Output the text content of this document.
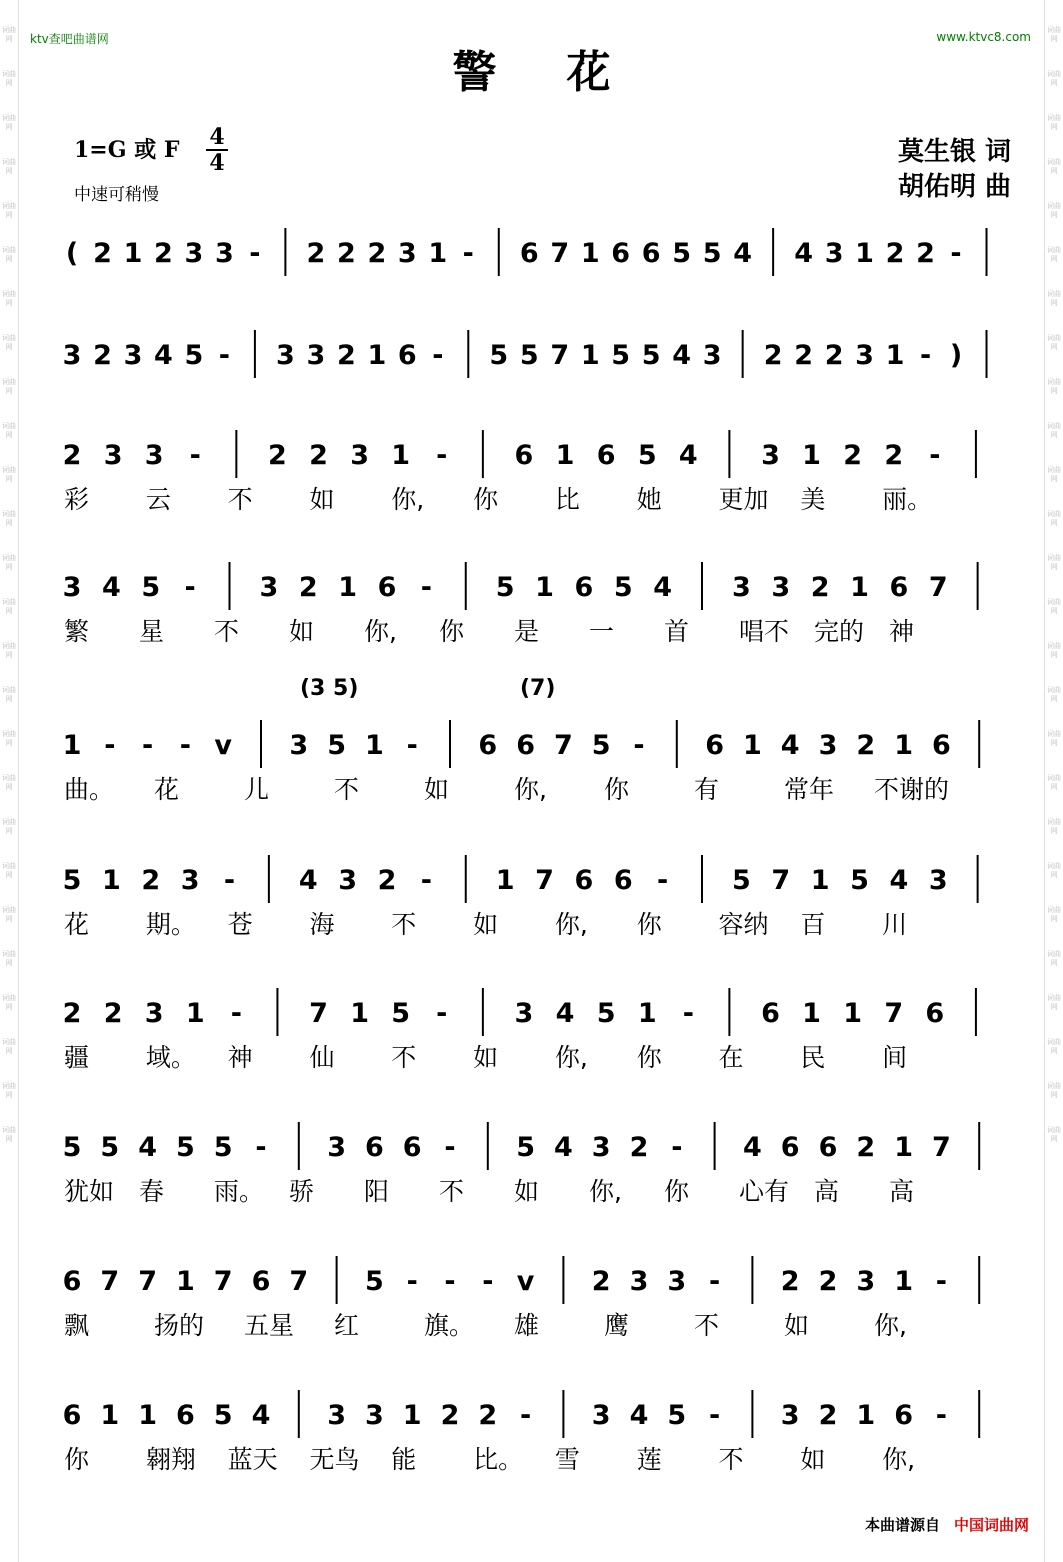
词曲网
词曲网
词曲网
词曲网
词曲网
词曲网
词曲网
词曲网
词曲网
词曲网
词曲网
词曲网
词曲网
词曲网
词曲网
词曲网
词曲网
词曲网
词曲网
词曲网
词曲网
词曲网
词曲网
词曲网
词曲网
词曲网
词曲网
词曲网
词曲网
词曲网
词曲网
词曲网
词曲网
词曲网
词曲网
词曲网
词曲网
词曲网
词曲网
词曲网
词曲网
词曲网
词曲网
词曲网
词曲网
词曲网
词曲网
词曲网
词曲网
词曲网
词曲网
词曲网
ktv查吧曲谱网	www.ktvc8.com
警花
1=G 或 F 4
4
中速可稍慢
莫生银 词
胡佑明 曲
( 2 1 2 3 3 - 2 2 2 3 1 - 6 7 1 6 6 5 5 4 4 3 1 2 2 -
3 2 3 4 5 - 3 3 2 1 6 - 5 5 7 1 5 5 4 3 2 2 2 3 1 - )
2 3 3 - 2 2 3 1 - 6 1 6 5 4 3 1 2 2 -
彩 云 不 如 你, 你 比 她 更加 美 丽。
3 4 5 - 3 2 1 6 - 5 1 6 5 4 3 3 2 1 6 7
繁 星 不 如 你, 你 是 一 首 唱不 完的 神
1 - - - v 3 5 1 - 6 6 7 5 - 6 1 4 3 2 1 6
(3 5)	(7)
曲。 花	儿	不	如	你, 你	有	常年 不谢的
5 1 2 3 - 4 3 2 - 1 7 6 6 - 5 7 1 5 4 3
花 期。 苍 海 不 如 你, 你 容纳 百 川
2 2 3 1 - 7 1 5 - 3 4 5 1 - 6 1 1 7 6
疆 域。 神 仙 不 如 你, 你 在 民 间
5 5 4 5 5 - 3 6 6 - 5 4 3 2 - 4 6 6 2 1 7
犹如 春 雨。 骄 阳 不 如 你, 你 心有 高 高
6 7 7 1 7 6 7 5 - - - v 2 3 3 - 2 2 3 1 -
飘	扬的 五星 红	旗。 雄	鹰	不	如	你,
6 1 1 6 5 4 3 3 1 2 2 - 3 4 5 - 3 2 1 6 -
你 翱翔 蓝天 无鸟 能 比。 雪 莲 不 如 你,
本曲谱源自 中国词曲网
